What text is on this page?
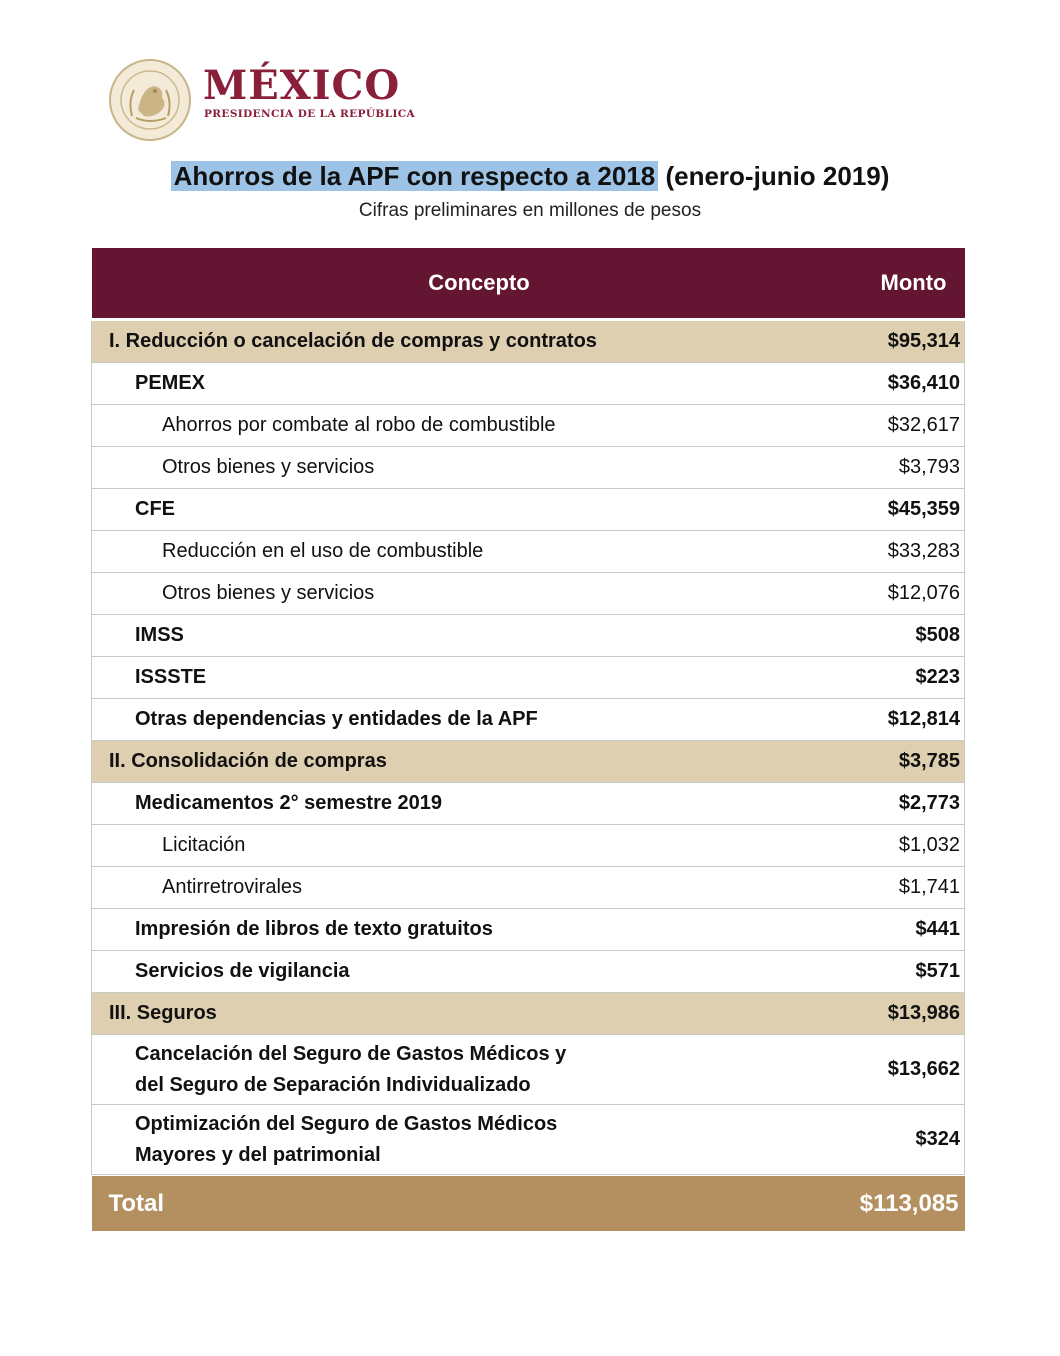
MÉXICO
PRESIDENCIA DE LA REPÚBLICA
Ahorros de la APF con respecto a 2018 (enero-junio 2019)
Cifras preliminares en millones de pesos
Concepto	Monto
I. Reducción o cancelación de compras y contratos	$95,314
PEMEX	$36,410
Ahorros por combate al robo de combustible	$32,617
Otros bienes y servicios	$3,793
CFE	$45,359
Reducción en el uso de combustible	$33,283
Otros bienes y servicios	$12,076
IMSS	$508
ISSSTE	$223
Otras dependencias y entidades de la APF	$12,814
II. Consolidación de compras	$3,785
Medicamentos 2° semestre 2019	$2,773
Licitación	$1,032
Antirretrovirales	$1,741
Impresión de libros de texto gratuitos	$441
Servicios de vigilancia	$571
III. Seguros	$13,986
Cancelación del Seguro de Gastos Médicos y del Seguro de Separación Individualizado	$13,662
Optimización del Seguro de Gastos Médicos Mayores y del patrimonial	$324

Total	$113,085
